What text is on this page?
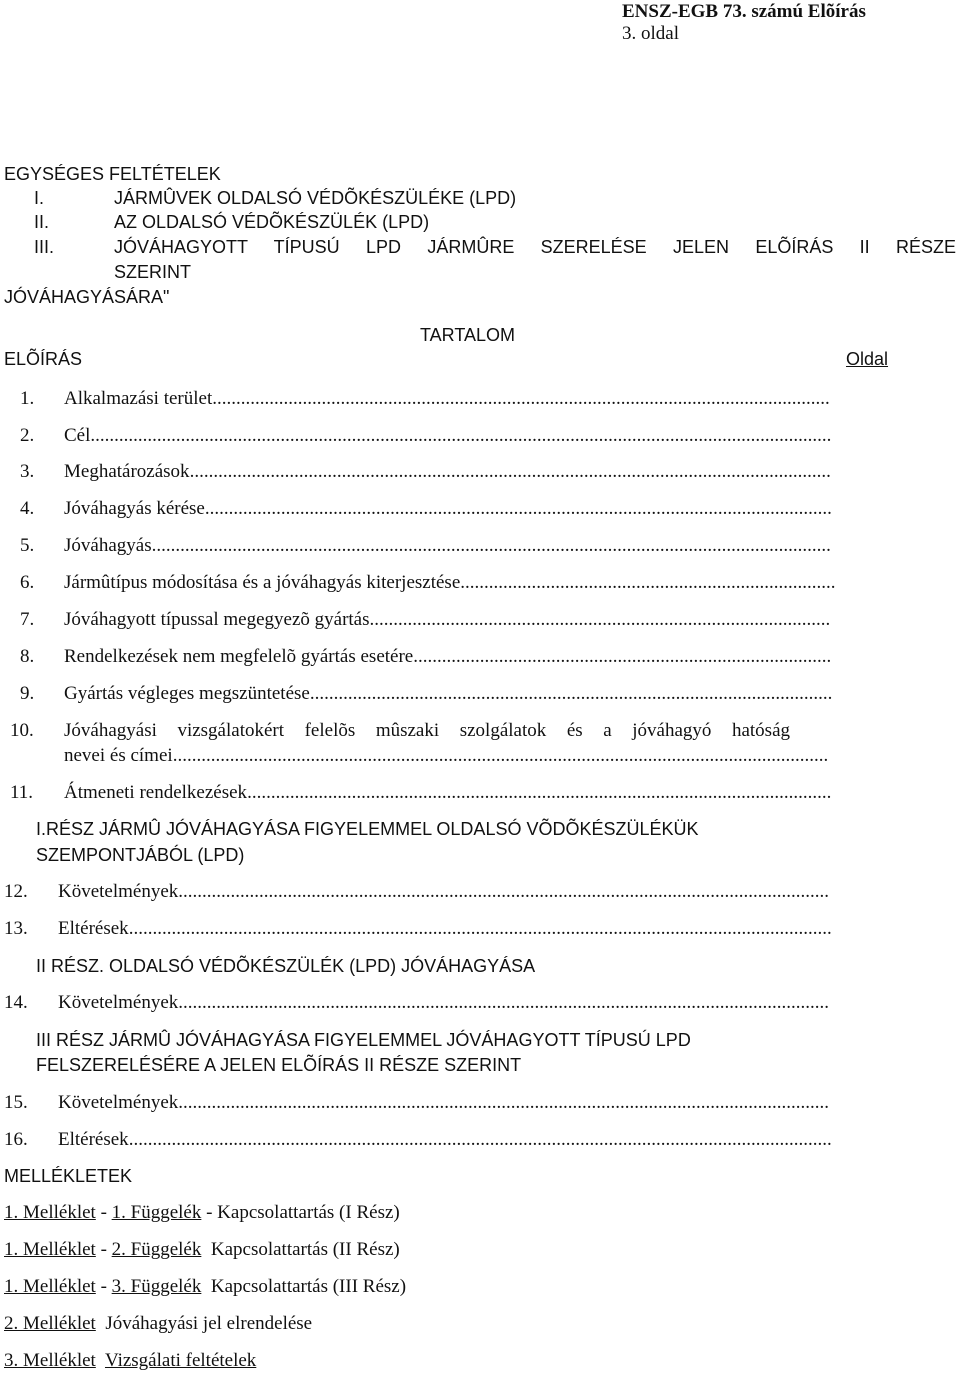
ENSZ-EGB 73. számú Elõírás
3. oldal
EGYSÉGES FELTÉTELEK
I.	JÁRMÛVEK OLDALSÓ VÉDÕKÉSZÜLÉKE (LPD)
II.	AZ OLDALSÓ VÉDÕKÉSZÜLÉK (LPD)
III.	JÓVÁHAGYOTT TÍPUSÚ LPD JÁRMÛRE SZERELÉSE JELEN ELÕÍRÁS II RÉSZE
SZERINT
JÓVÁHAGYÁSÁRA"
TARTALOM
ELÕÍRÁS	Oldal
1. Alkalmazási terület..................................................................................................................................
2. Cél............................................................................................................................................................
3. Meghatározások.......................................................................................................................................
4. Jóváhagyás kérése....................................................................................................................................
5. Jóváhagyás...............................................................................................................................................
6. Jármûtípus módosítása és a jóváhagyás kiterjesztése...............................................................................
7. Jóváhagyott típussal megegyezõ gyártás.................................................................................................
8. Rendelkezések nem megfelelõ gyártás esetére........................................................................................
9. Gyártás végleges megszüntetése..............................................................................................................
10. Jóváhagyási vizsgálatokért felelõs mûszaki szolgálatok és a jóváhagyó hatóság
nevei és címei..........................................................................................................................................
11. Átmeneti rendelkezések...........................................................................................................................
I.RÉSZ JÁRMÛ JÓVÁHAGYÁSA FIGYELEMMEL OLDALSÓ VÕDÕKÉSZÜLÉKÜK
SZEMPONTJÁBÓL (LPD)
12. Követelmények.........................................................................................................................................
13. Eltérések....................................................................................................................................................
II RÉSZ. OLDALSÓ VÉDÕKÉSZÜLÉK (LPD) JÓVÁHAGYÁSA
14. Követelmények.........................................................................................................................................
III RÉSZ JÁRMÛ JÓVÁHAGYÁSA FIGYELEMMEL JÓVÁHAGYOTT TÍPUSÚ LPD
FELSZERELÉSÉRE A JELEN ELÕÍRÁS II RÉSZE SZERINT
15. Követelmények.........................................................................................................................................
16. Eltérések....................................................................................................................................................
MELLÉKLETEK
1. Melléklet - 1. Függelék - Kapcsolattartás (I Rész)
1. Melléklet - 2. Függelék  Kapcsolattartás (II Rész)
1. Melléklet - 3. Függelék  Kapcsolattartás (III Rész)
2. Melléklet Jóváhagyási jel elrendelése
3. Melléklet Vizsgálati feltételek
